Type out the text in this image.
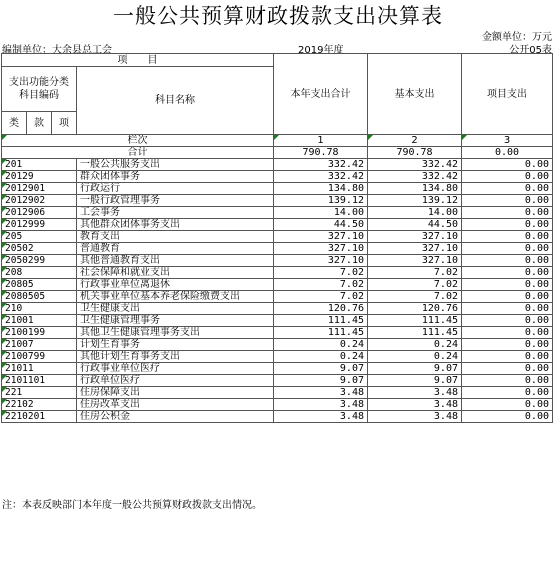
一般公共预算财政拨款支出决算表
金额单位：万元
编制单位：大余县总工会	2019年度	公开05表
项　　目				本年支出合计	基本支出	项目支出
支出功能分类
科目编码			科目名称			
类	款	项				
栏次				1	2	3
合计				790.78	790.78	0.00
201			一般公共服务支出	332.42	332.42	0.00
20129			群众团体事务	332.42	332.42	0.00
2012901			行政运行	134.80	134.80	0.00
2012902			一般行政管理事务	139.12	139.12	0.00
2012906			工会事务	14.00	14.00	0.00
2012999			其他群众团体事务支出	44.50	44.50	0.00
205			教育支出	327.10	327.10	0.00
20502			普通教育	327.10	327.10	0.00
2050299			其他普通教育支出	327.10	327.10	0.00
208			社会保障和就业支出	7.02	7.02	0.00
20805			行政事业单位离退休	7.02	7.02	0.00
2080505			机关事业单位基本养老保险缴费支出	7.02	7.02	0.00
210			卫生健康支出	120.76	120.76	0.00
21001			卫生健康管理事务	111.45	111.45	0.00
2100199			其他卫生健康管理事务支出	111.45	111.45	0.00
21007			计划生育事务	0.24	0.24	0.00
2100799			其他计划生育事务支出	0.24	0.24	0.00
21011			行政事业单位医疗	9.07	9.07	0.00
2101101			行政单位医疗	9.07	9.07	0.00
221			住房保障支出	3.48	3.48	0.00
22102			住房改革支出	3.48	3.48	0.00
2210201			住房公积金	3.48	3.48	0.00
注：本表反映部门本年度一般公共预算财政拨款支出情况。
